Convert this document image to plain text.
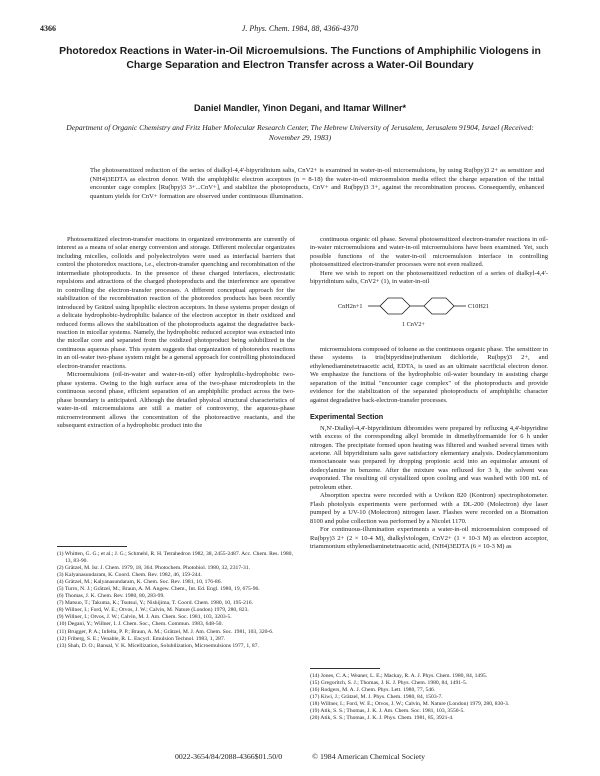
4366	J. Phys. Chem. 1984, 88, 4366-4370
Photoredox Reactions in Water-in-Oil Microemulsions. The Functions of Amphiphilic Viologens in Charge Separation and Electron Transfer across a Water-Oil Boundary
Daniel Mandler, Yinon Degani, and Itamar Willner*
Department of Organic Chemistry and Fritz Haber Molecular Research Center, The Hebrew University of Jerusalem, Jerusalem 91904, Israel (Received: November 29, 1983)
The photosensitized reduction of the series of dialkyl-4,4'-bipyridinium salts, CnV2+ is examined in water-in-oil microemulsions, by using Ru(bpy)3 2+ as sensitizer and (NH4)3EDTA as electron donor. With the amphiphilic electron acceptors (n = 8-18) the water-in-oil microemulsion media effect the charge separation of the initial encounter cage complex [Ru(bpy)3 3+...CnV+], and stabilize the photoproducts, CnV+ and Ru(bpy)3 3+, against the recombination process. Consequently, enhanced quantum yields for CnV+ formation are observed under continuous illumination.

Photosensitized electron-transfer reactions in organized environments are currently of interest as a means of solar energy conversion and storage. Different molecular organizates including micelles, colloids and polyelectrolytes were used as interfacial barriers that control the photoredox reactions, i.e., electron-transfer quenching and recombination of the intermediate photoproducts. In the presence of these charged interfaces, electrostatic repulsions and attractions of the charged photoproducts and the interference are operative in controlling the electron-transfer processes. A different conceptual approach for the stabilization of the recombination reaction of the photoredox products has been recently introduced by Grätzel using lipophilic electron acceptors. In these systems proper design of a delicate hydrophobic-hydrophilic balance of the electron acceptor in their oxidized and reduced forms allows the stabilization of the photoproducts against the degradative back-reaction in micellar systems. Namely, the hydrophobic reduced acceptor was extracted into the micellar core and separated from the oxidized photoproduct being solubilized in the continuous aqueous phase. This system suggests that organization of photoredox reactions in an oil-water two-phase system might be a general approach for controlling photoinduced electron-transfer reactions.

Microemulsions (oil-in-water and water-in-oil) offer hydrophilic-hydrophobic two-phase systems. Owing to the high surface area of the two-phase microdroplets in the continuous second phase, efficient separation of an amphiphilic product across the two-phase boundary is anticipated. Although the detailed physical structural characteristics of water-in-oil microemulsions are still a matter of controversy, the aqueous-phase microenvironment allows the concentration of the photoreactive reactants, and the subsequent extraction of a hydrophobic product into the

continuous organic oil phase. Several photosensitized electron-transfer reactions in oil-in-water microemulsions and water-in-oil microemulsions have been examined. Yet, such possible functions of the water-in-oil microemulsion interface in controlling photosensitized electron-transfer processes were not even realized.

Here we wish to report on the photosensitized reduction of a series of dialkyl-4,4'-bipyridinium salts, CnV2+ (1), in water-in-oil

CnH2n+1	C10H21
1 CnV2+

microemulsions composed of toluene as the continuous organic phase. The sensitizer in these systems is tris(bipyridine)ruthenium dichloride, Ru(bpy)3 2+, and ethylenediaminetetraacetic acid, EDTA, is used as an ultimate sacrificial electron donor. We emphasize the functions of the hydrophobic oil-water boundary in assisting charge separation of the initial "encounter cage complex" of the photoproducts and provide evidence for the stabilization of the separated photoproducts of amphiphilic character against degradative back-electron-transfer processes.

Experimental Section

N,N'-Dialkyl-4,4'-bipyridinium dibromides were prepared by refluxing 4,4'-bipyridine with excess of the corresponding alkyl bromide in dimethylformamide for 6 h under nitrogen. The precipitate formed upon heating was filtered and washed several times with acetone. All bipyridinium salts gave satisfactory elementary analysis. Dodecylammonium monoctanoate was prepared by dropping propionic acid into an equimolar amount of dodecylamine in benzene. After the mixture was refluxed for 3 h, the solvent was evaporated. The resulting oil crystallized upon cooling and was washed with 100 mL of petroleum ether.

Absorption spectra were recorded with a Uvikon 820 (Kontron) spectrophotometer. Flash photolysis experiments were performed with a DL-200 (Molectron) dye laser pumped by a UV-10 (Molectron) nitrogen laser. Flashes were recorded on a Biomation 8100 and pulse collection was performed by a Nicolet 1170.

For continuous-illumination experiments a water-in-oil microemulsion composed of Ru(bpy)3 2+ (2 × 10-4 M), dialkylviologen, CnV2+ (1 × 10-3 M) as electron acceptor, triammonium ethylenediaminetetraacetic acid, (NH4)3EDTA (6 × 10-3 M) as

(1) Whitten, G. G.; et al.; J. G.; Schmehl, R. H. Tetrahedron 1982, 38, 2455-2487. Acc. Chem. Res. 1980, 13, 83-90.

(2) Grätzel, M. Isr. J. Chem. 1979, 18, 364. Photochem. Photobiol. 1980, 32, 2317-31.

(3) Kalyanasundaram, K. Coord. Chem. Rev. 1982, 46, 159-244.

(4) Grätzel, M.; Kalyanasundaram, K. Chem. Soc. Rev. 1981, 10, 176-86.

(5) Turro, N. J.; Grätzel, M.; Braun, A. M. Angew. Chem., Int. Ed. Engl. 1980, 19, 675-96.

(6) Thomas, J. K. Chem. Rev. 1980, 80, 283-99.

(7) Matsuo, T.; Takuma, K.; Tsutsui, Y.; Nishijima, T. Coord. Chem. 1980, 10, 195-216.

(8) Willner, I.; Ford, W. E.; Otvos, J. W.; Calvin, M. Nature (London) 1979, 280, 823.

(9) Willner, I.; Otvos, J. W.; Calvin, M. J. Am. Chem. Soc. 1981, 103, 3203-5.

(10) Degani, Y.; Willner, I. J. Chem. Soc., Chem. Commun. 1983, 648-50.

(11) Brugger, P. A.; Infelta, P. P.; Braun, A. M.; Grätzel, M. J. Am. Chem. Soc. 1981, 103, 320-6.

(12) Friberg, S. E.; Venable, R. L. Encycl. Emulsion Technol. 1983, 1, 287.

(13) Shah, D. O.; Bansal, V. K. Micellization, Solubilization, Microemulsions 1977, 1, 87.

(14) Jones, C. A.; Weaner, L. E.; Mackay, R. A. J. Phys. Chem. 1980, 84, 1495.

(15) Gregoritch, S. J.; Thomas, J. K. J. Phys. Chem. 1980, 84, 1491-5.

(16) Rodgers, M. A. J. Chem. Phys. Lett. 1980, 77, 546.

(17) Kiwi, J.; Grätzel, M. J. Phys. Chem. 1980, 84, 1503-7.

(18) Willner, I.; Ford, W. E.; Otvos, J. W.; Calvin, M. Nature (London) 1979, 280, 830-3.

(19) Atik, S. S.; Thomas, J. K. J. Am. Chem. Soc. 1981, 103, 3550-5.

(20) Atik, S. S.; Thomas, J. K. J. Phys. Chem. 1981, 85, 3921-4.

0022-3654/84/2088-4366$01.50/0	© 1984 American Chemical Society
